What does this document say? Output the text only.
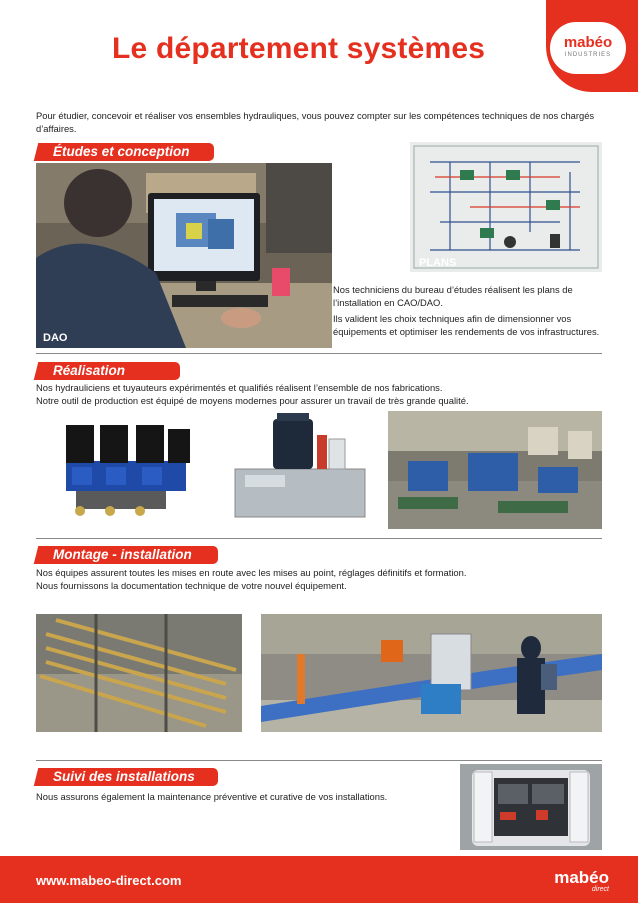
mabéo
INDUSTRIES
Le département systèmes
Pour étudier, concevoir et réaliser vos ensembles hydrauliques, vous pouvez compter sur les compétences techniques de nos chargés d’affaires.
Études et conception
DAO
PLANS
Nos techniciens du bureau d’études réalisent les plans de l’installation en CAO/DAO.
Ils valident les choix techniques afin de dimensionner vos équipements et optimiser les rendements de vos infrastructures.
Réalisation
Nos hydrauliciens et tuyauteurs expérimentés et qualifiés réalisent l’ensemble de nos fabrications.
Notre outil de production est équipé de moyens modernes pour assurer un travail de très grande qualité.
Montage - installation
Nos équipes assurent toutes les mises en route avec les mises au point, réglages définitifs et formation.
Nous fournissons la documentation technique de votre nouvel équipement.
Suivi des installations
Nous assurons également la maintenance préventive et curative de vos installations.
www.mabeo-direct.com	mabéo
direct
